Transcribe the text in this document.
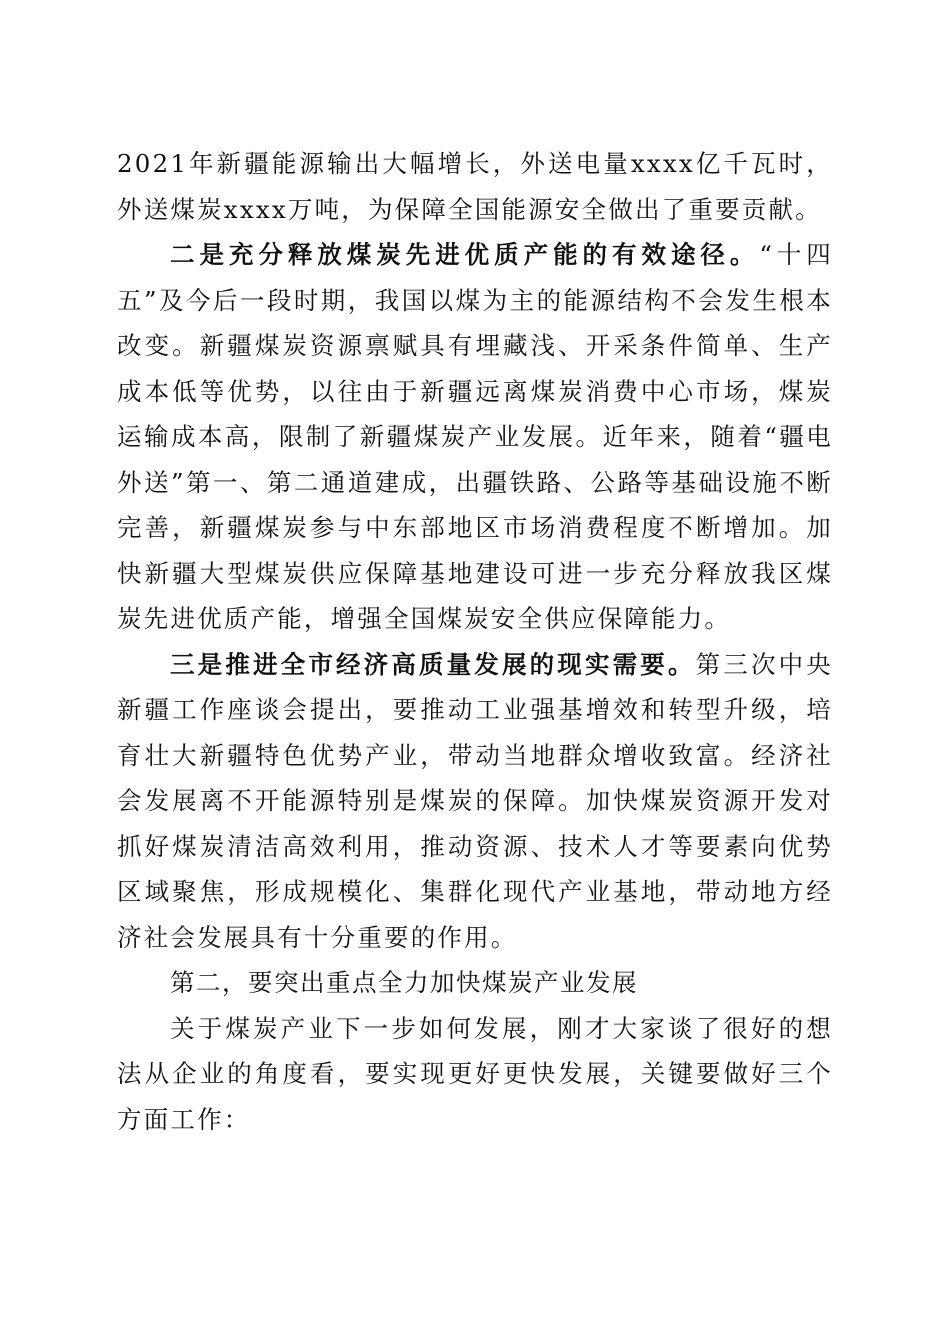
2021年新疆能源输出大幅增长，外送电量xxxx亿千瓦时，外送煤炭xxxx万吨，为保障全国能源安全做出了重要贡献。

二是充分释放煤炭先进优质产能的有效途径。“十四五”及今后一段时期，我国以煤为主的能源结构不会发生根本改变。新疆煤炭资源禀赋具有埋藏浅、开采条件简单、生产成本低等优势，以往由于新疆远离煤炭消费中心市场，煤炭运输成本高，限制了新疆煤炭产业发展。近年来，随着“疆电外送”第一、第二通道建成，出疆铁路、公路等基础设施不断完善，新疆煤炭参与中东部地区市场消费程度不断增加。加快新疆大型煤炭供应保障基地建设可进一步充分释放我区煤炭先进优质产能，增强全国煤炭安全供应保障能力。

三是推进全市经济高质量发展的现实需要。第三次中央新疆工作座谈会提出，要推动工业强基增效和转型升级，培育壮大新疆特色优势产业，带动当地群众增收致富。经济社会发展离不开能源特别是煤炭的保障。加快煤炭资源开发对抓好煤炭清洁高效利用，推动资源、技术人才等要素向优势区域聚焦，形成规模化、集群化现代产业基地，带动地方经济社会发展具有十分重要的作用。

第二，要突出重点全力加快煤炭产业发展

关于煤炭产业下一步如何发展，刚才大家谈了很好的想法从企业的角度看，要实现更好更快发展，关键要做好三个方面工作：
